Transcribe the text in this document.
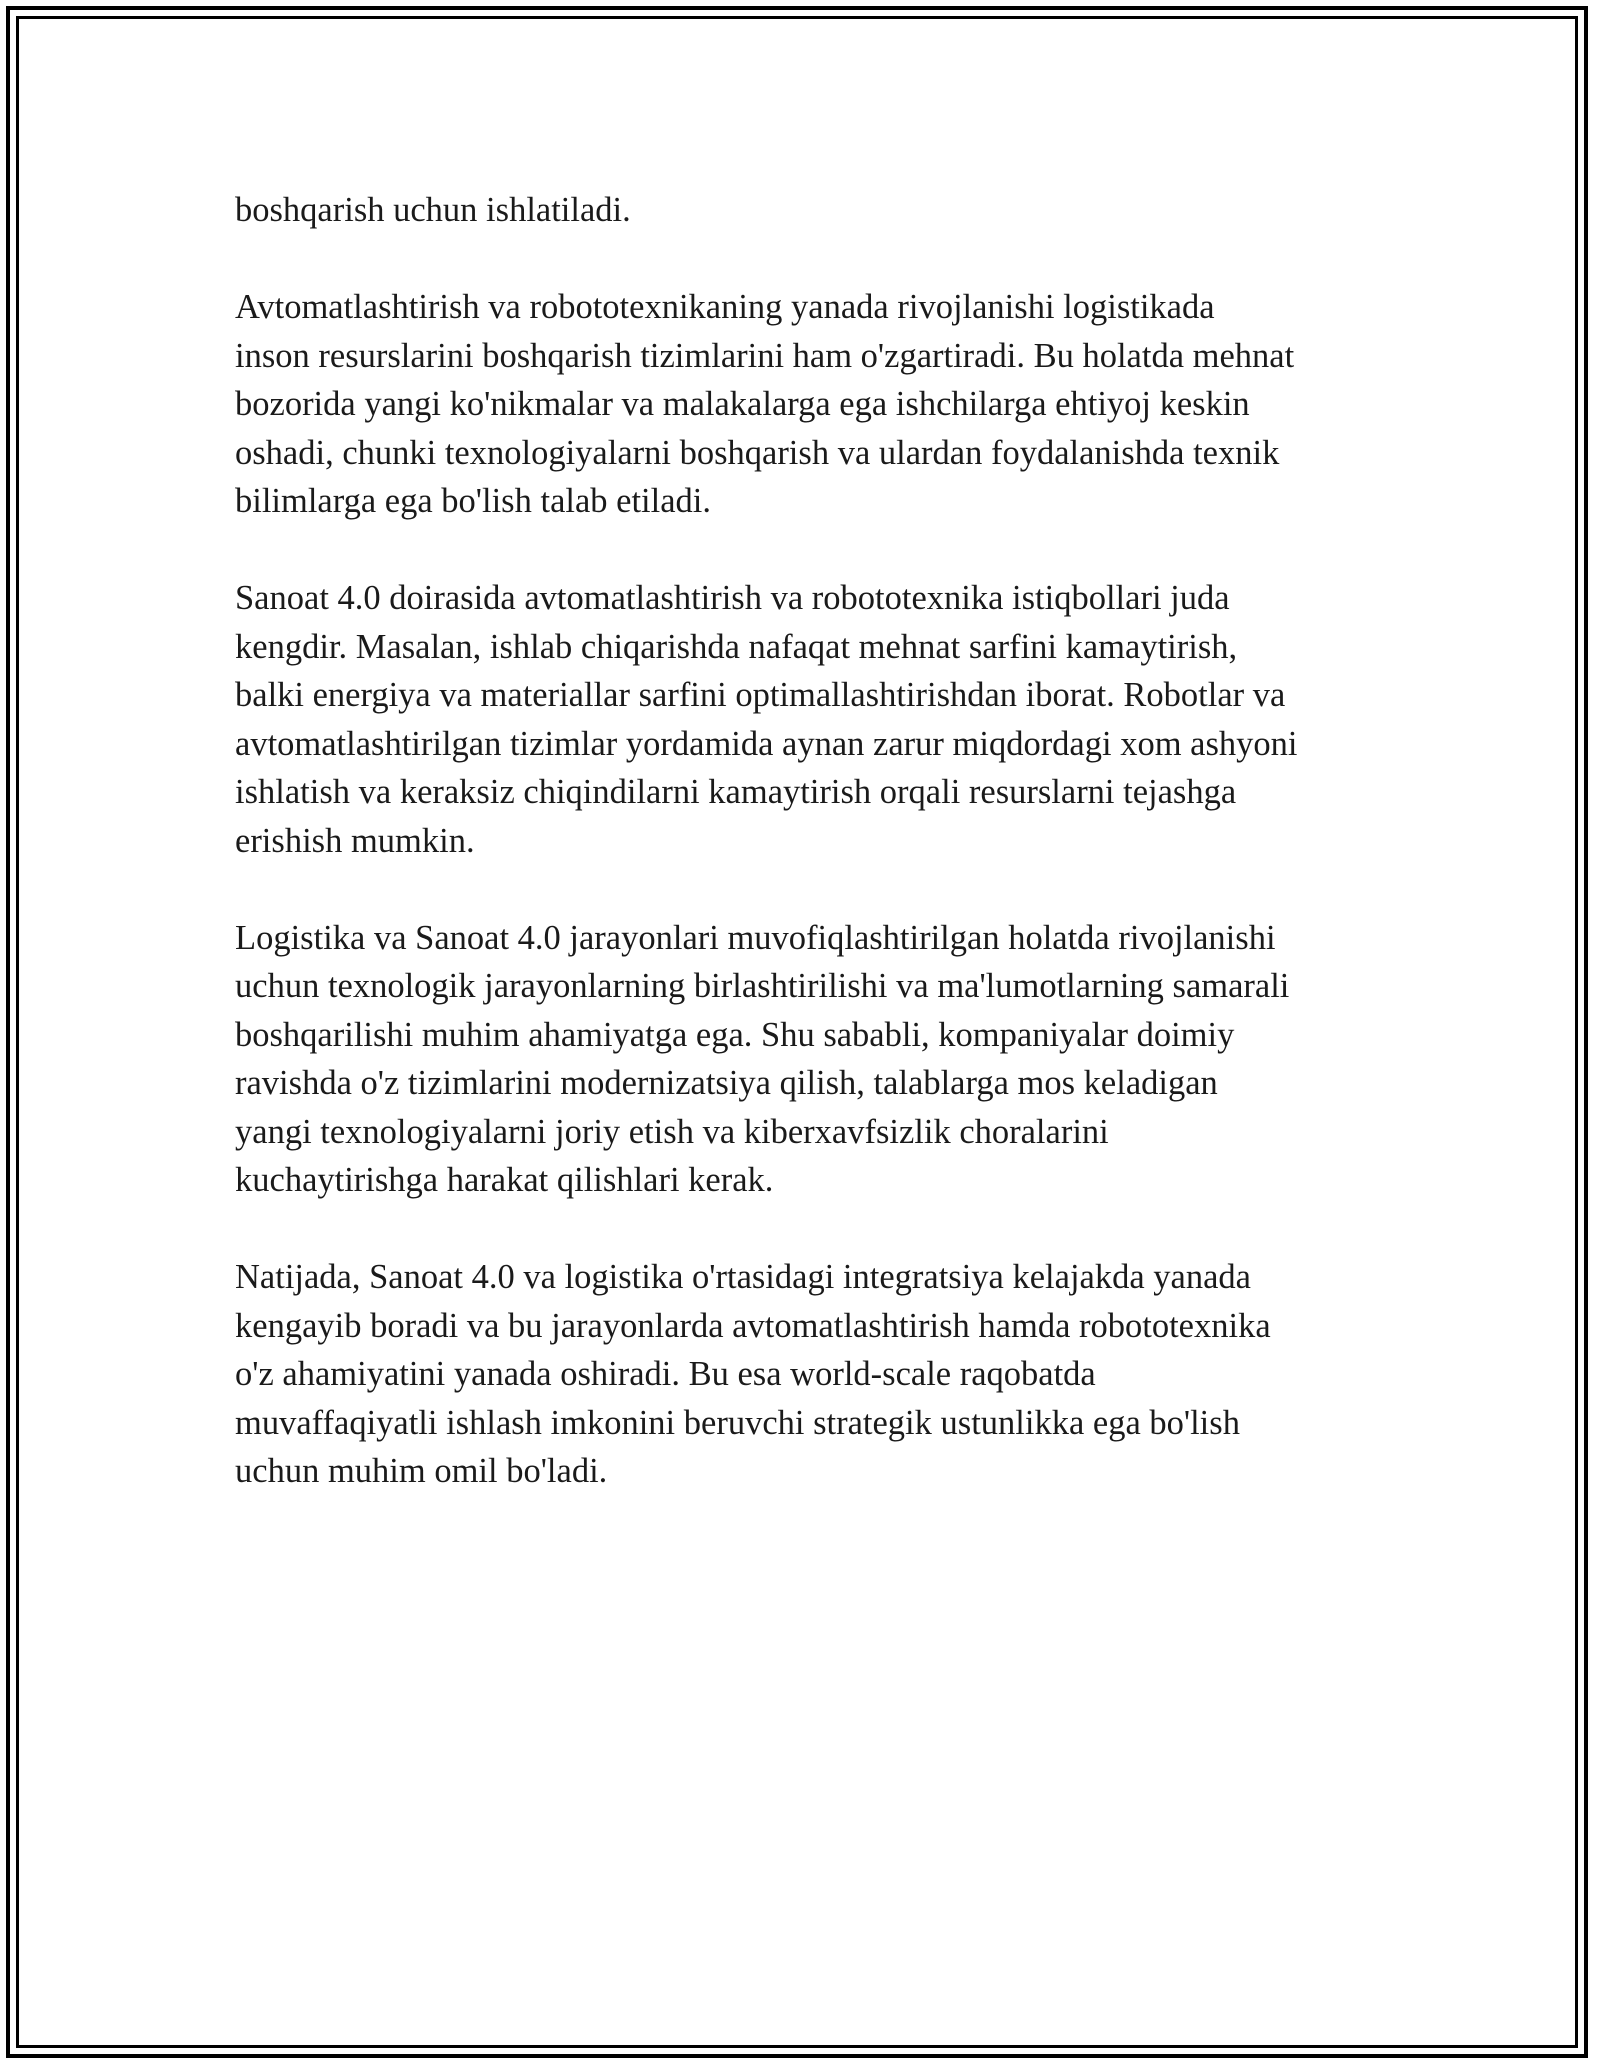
boshqarish uchun ishlatiladi.

Avtomatlashtirish va robototexnikaning yanada rivojlanishi logistikada
inson resurslarini boshqarish tizimlarini ham o'zgartiradi. Bu holatda mehnat
bozorida yangi ko'nikmalar va malakalarga ega ishchilarga ehtiyoj keskin
oshadi, chunki texnologiyalarni boshqarish va ulardan foydalanishda texnik
bilimlarga ega bo'lish talab etiladi.

Sanoat 4.0 doirasida avtomatlashtirish va robototexnika istiqbollari juda
kengdir. Masalan, ishlab chiqarishda nafaqat mehnat sarfini kamaytirish,
balki energiya va materiallar sarfini optimallashtirishdan iborat. Robotlar va
avtomatlashtirilgan tizimlar yordamida aynan zarur miqdordagi xom ashyoni
ishlatish va keraksiz chiqindilarni kamaytirish orqali resurslarni tejashga
erishish mumkin.

Logistika va Sanoat 4.0 jarayonlari muvofiqlashtirilgan holatda rivojlanishi
uchun texnologik jarayonlarning birlashtirilishi va ma'lumotlarning samarali
boshqarilishi muhim ahamiyatga ega. Shu sababli, kompaniyalar doimiy
ravishda o'z tizimlarini modernizatsiya qilish, talablarga mos keladigan
yangi texnologiyalarni joriy etish va kiberxavfsizlik choralarini
kuchaytirishga harakat qilishlari kerak.

Natijada, Sanoat 4.0 va logistika o'rtasidagi integratsiya kelajakda yanada
kengayib boradi va bu jarayonlarda avtomatlashtirish hamda robototexnika
o'z ahamiyatini yanada oshiradi. Bu esa world-scale raqobatda
muvaffaqiyatli ishlash imkonini beruvchi strategik ustunlikka ega bo'lish
uchun muhim omil bo'ladi.
